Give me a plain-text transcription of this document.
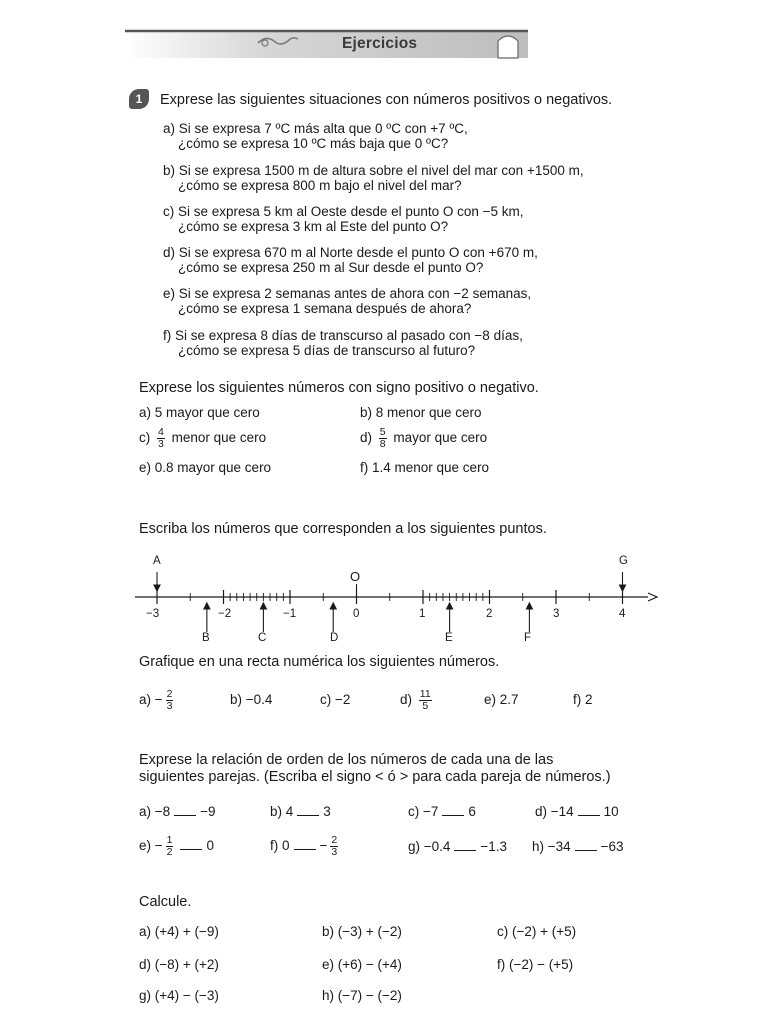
Ejercicios
1	Exprese las siguientes situaciones con números positivos o negativos.
a) Si se expresa 7 ºC más alta que 0 ºC con +7 ºC,
¿cómo se expresa 10 ºC más baja que 0 ºC?
b) Si se expresa 1500 m de altura sobre el nivel del mar con +1500 m,
¿cómo se expresa 800 m bajo el nivel del mar?
c) Si se expresa 5 km al Oeste desde el punto O con −5 km,
¿cómo se expresa 3 km al Este del punto O?
d) Si se expresa 670 m al Norte desde el punto O con +670 m,
¿cómo se expresa 250 m al Sur desde el punto O?
e) Si se expresa 2 semanas antes de ahora con −2 semanas,
¿cómo se expresa 1 semana después de ahora?
f) Si se expresa 8 días de transcurso al pasado con −8 días,
¿cómo se expresa 5 días de transcurso al futuro?
Exprese los siguientes números con signo positivo o negativo.
a) 5 mayor que cero	b) 8 menor que cero
$c) \frac{4}{3}$ menor que cero	$d) \frac{5}{8}$ mayor que cero
e) 0.8 mayor que cero	f) 1.4 menor que cero
Escriba los números que corresponden a los siguientes puntos.
−3	−2	−1	0	1	2	3	4
O
A	G
B	C	D	E	F
Grafique en una recta numérica los siguientes números.
$a) - \frac{2}{3}$	b) −0.4	c) −2	$d) \frac{11}{5}$	e) 2.7	f) 2
Exprese la relación de orden de los números de cada una de las
siguientes parejas. (Escriba el signo < ó > para cada pareja de números.)
a) −8 −9	b) 4 3	c) −7 6	d) −14 10
$e) - \frac{1}{2} 0$	f) $0 - \frac{2}{3}$	g) −0.4 −1.3 h) −34 −63
Calcule.
a) (+4) + (−9)	b) (−3) + (−2)	c) (−2) + (+5)
d) (−8) + (+2)	e) (+6) − (+4)	f) (−2) − (+5)
g) (+4) − (−3)	h) (−7) − (−2)
